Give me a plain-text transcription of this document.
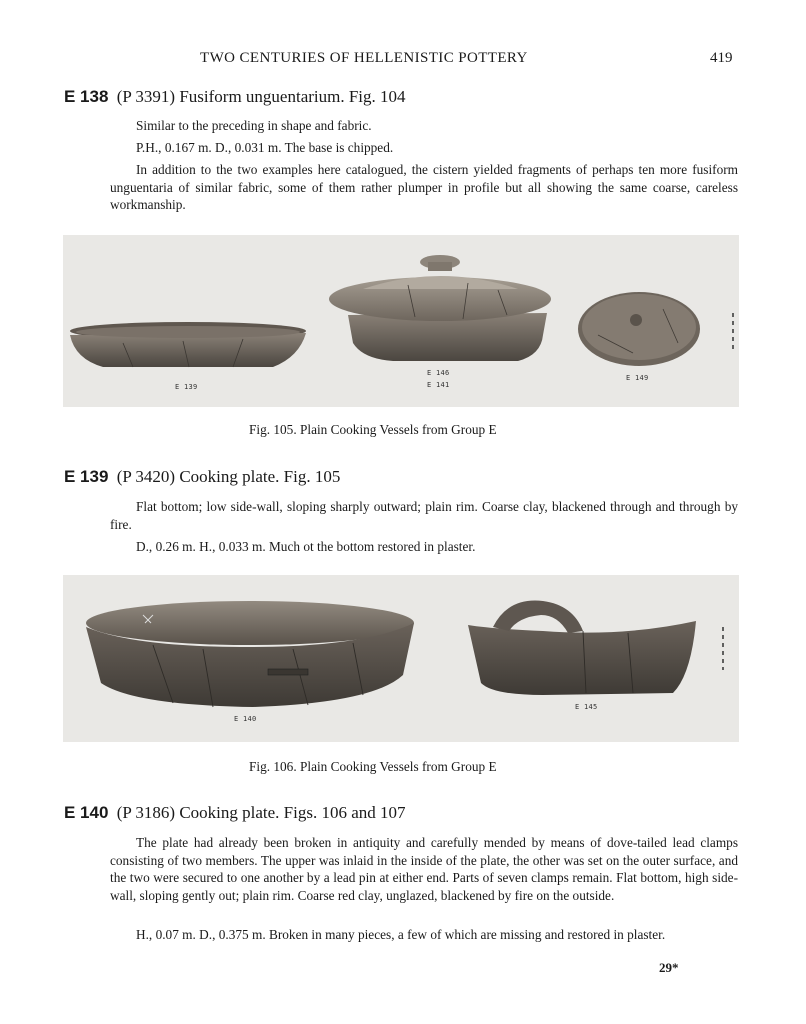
TWO CENTURIES OF HELLENISTIC POTTERY	419
E 138 (P 3391) Fusiform unguentarium. Fig. 104
Similar to the preceding in shape and fabric.
P.H., 0.167 m. D., 0.031 m. The base is chipped.
In addition to the two examples here catalogued, the cistern yielded fragments of perhaps ten more fusiform unguentaria of similar fabric, some of them rather plumper in profile but all showing the same coarse, careless workmanship.
E 139
E 146
E 141
E 149
Fig. 105. Plain Cooking Vessels from Group E
E 139 (P 3420) Cooking plate. Fig. 105
Flat bottom; low side-wall, sloping sharply outward; plain rim. Coarse clay, blackened through and through by fire.
D., 0.26 m. H., 0.033 m. Much ot the bottom restored in plaster.
E 140
E 145
Fig. 106. Plain Cooking Vessels from Group E
E 140 (P 3186) Cooking plate. Figs. 106 and 107
The plate had already been broken in antiquity and carefully mended by means of dove-tailed lead clamps consisting of two members. The upper was inlaid in the inside of the plate, the other was set on the outer surface, and the two were secured to one another by a lead pin at either end. Parts of seven clamps remain. Flat bottom, high side-wall, sloping gently out; plain rim. Coarse red clay, unglazed, blackened by fire on the outside.
H., 0.07 m. D., 0.375 m. Broken in many pieces, a few of which are missing and restored in plaster.
29*
